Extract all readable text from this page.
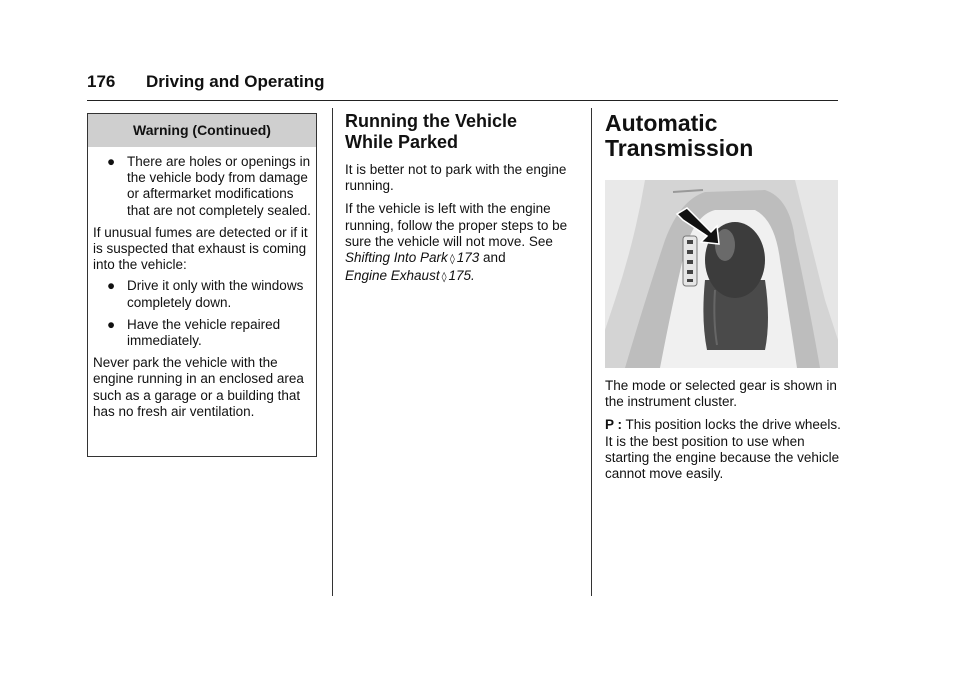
176 Driving and Operating
Warning (Continued)
● There are holes or openings in the vehicle body from damage or aftermarket modifications that are not completely sealed.

If unusual fumes are detected or if it is suspected that exhaust is coming into the vehicle:

● Drive it only with the windows completely down.
● Have the vehicle repaired immediately.

Never park the vehicle with the engine running in an enclosed area such as a garage or a building that has no fresh air ventilation.

Running the Vehicle
While Parked

It is better not to park with the engine running.

If the vehicle is left with the engine running, follow the proper steps to be sure the vehicle will not move. See Shifting Into Park ◊ 173 and
Engine Exhaust ◊ 175.

Automatic
Transmission

The mode or selected gear is shown in the instrument cluster.

P : This position locks the drive wheels. It is the best position to use when starting the engine because the vehicle cannot move easily.
